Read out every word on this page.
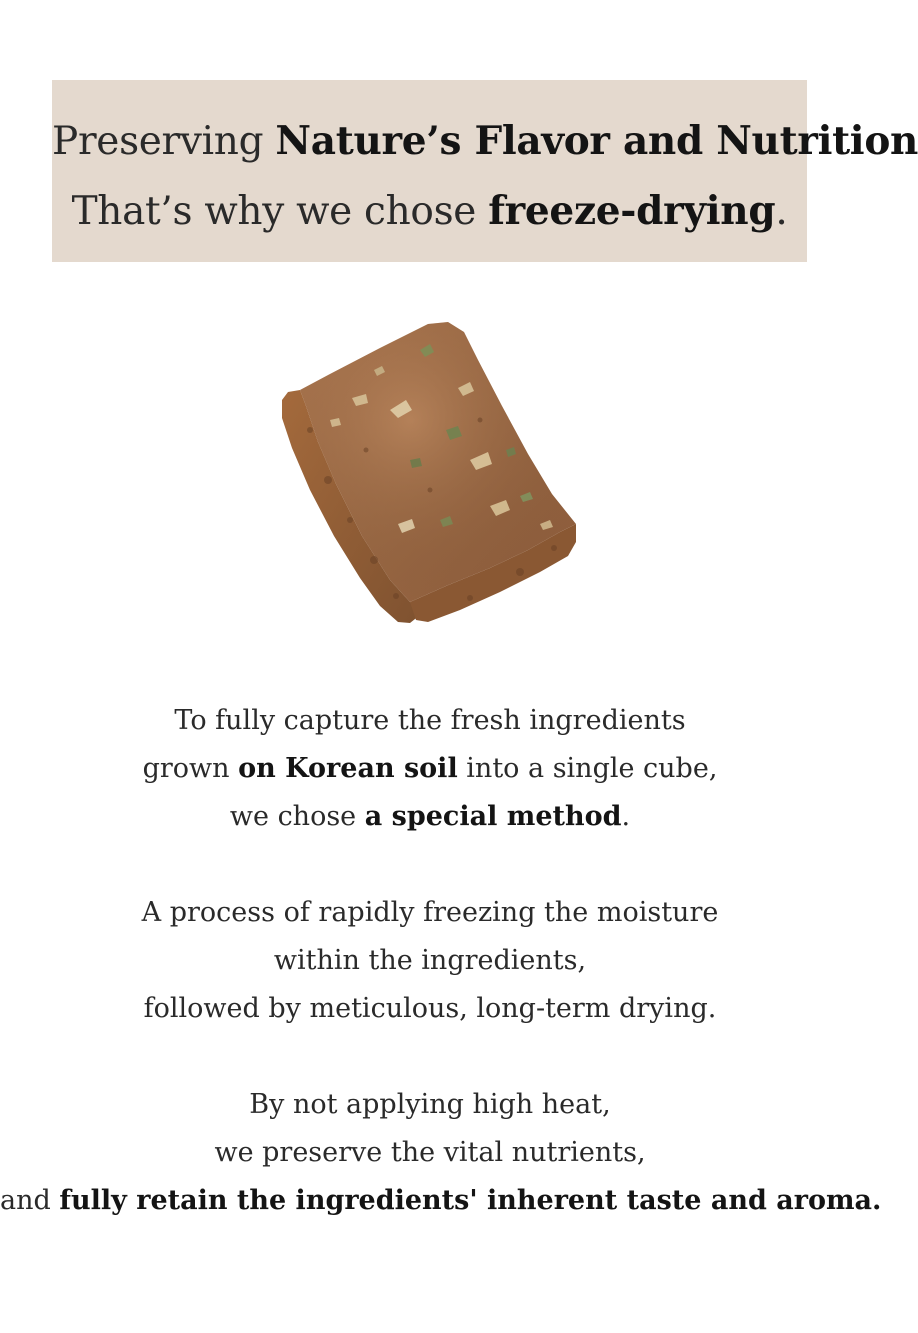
Preserving Nature’s Flavor and Nutrition
That’s why we chose freeze-drying.
To fully capture the fresh ingredients
grown on Korean soil into a single cube,
we chose a special method.
A process of rapidly freezing the moisture
within the ingredients,
followed by meticulous, long-term drying.
By not applying high heat,
we preserve the vital nutrients,
and fully retain the ingredients' inherent taste and aroma.
